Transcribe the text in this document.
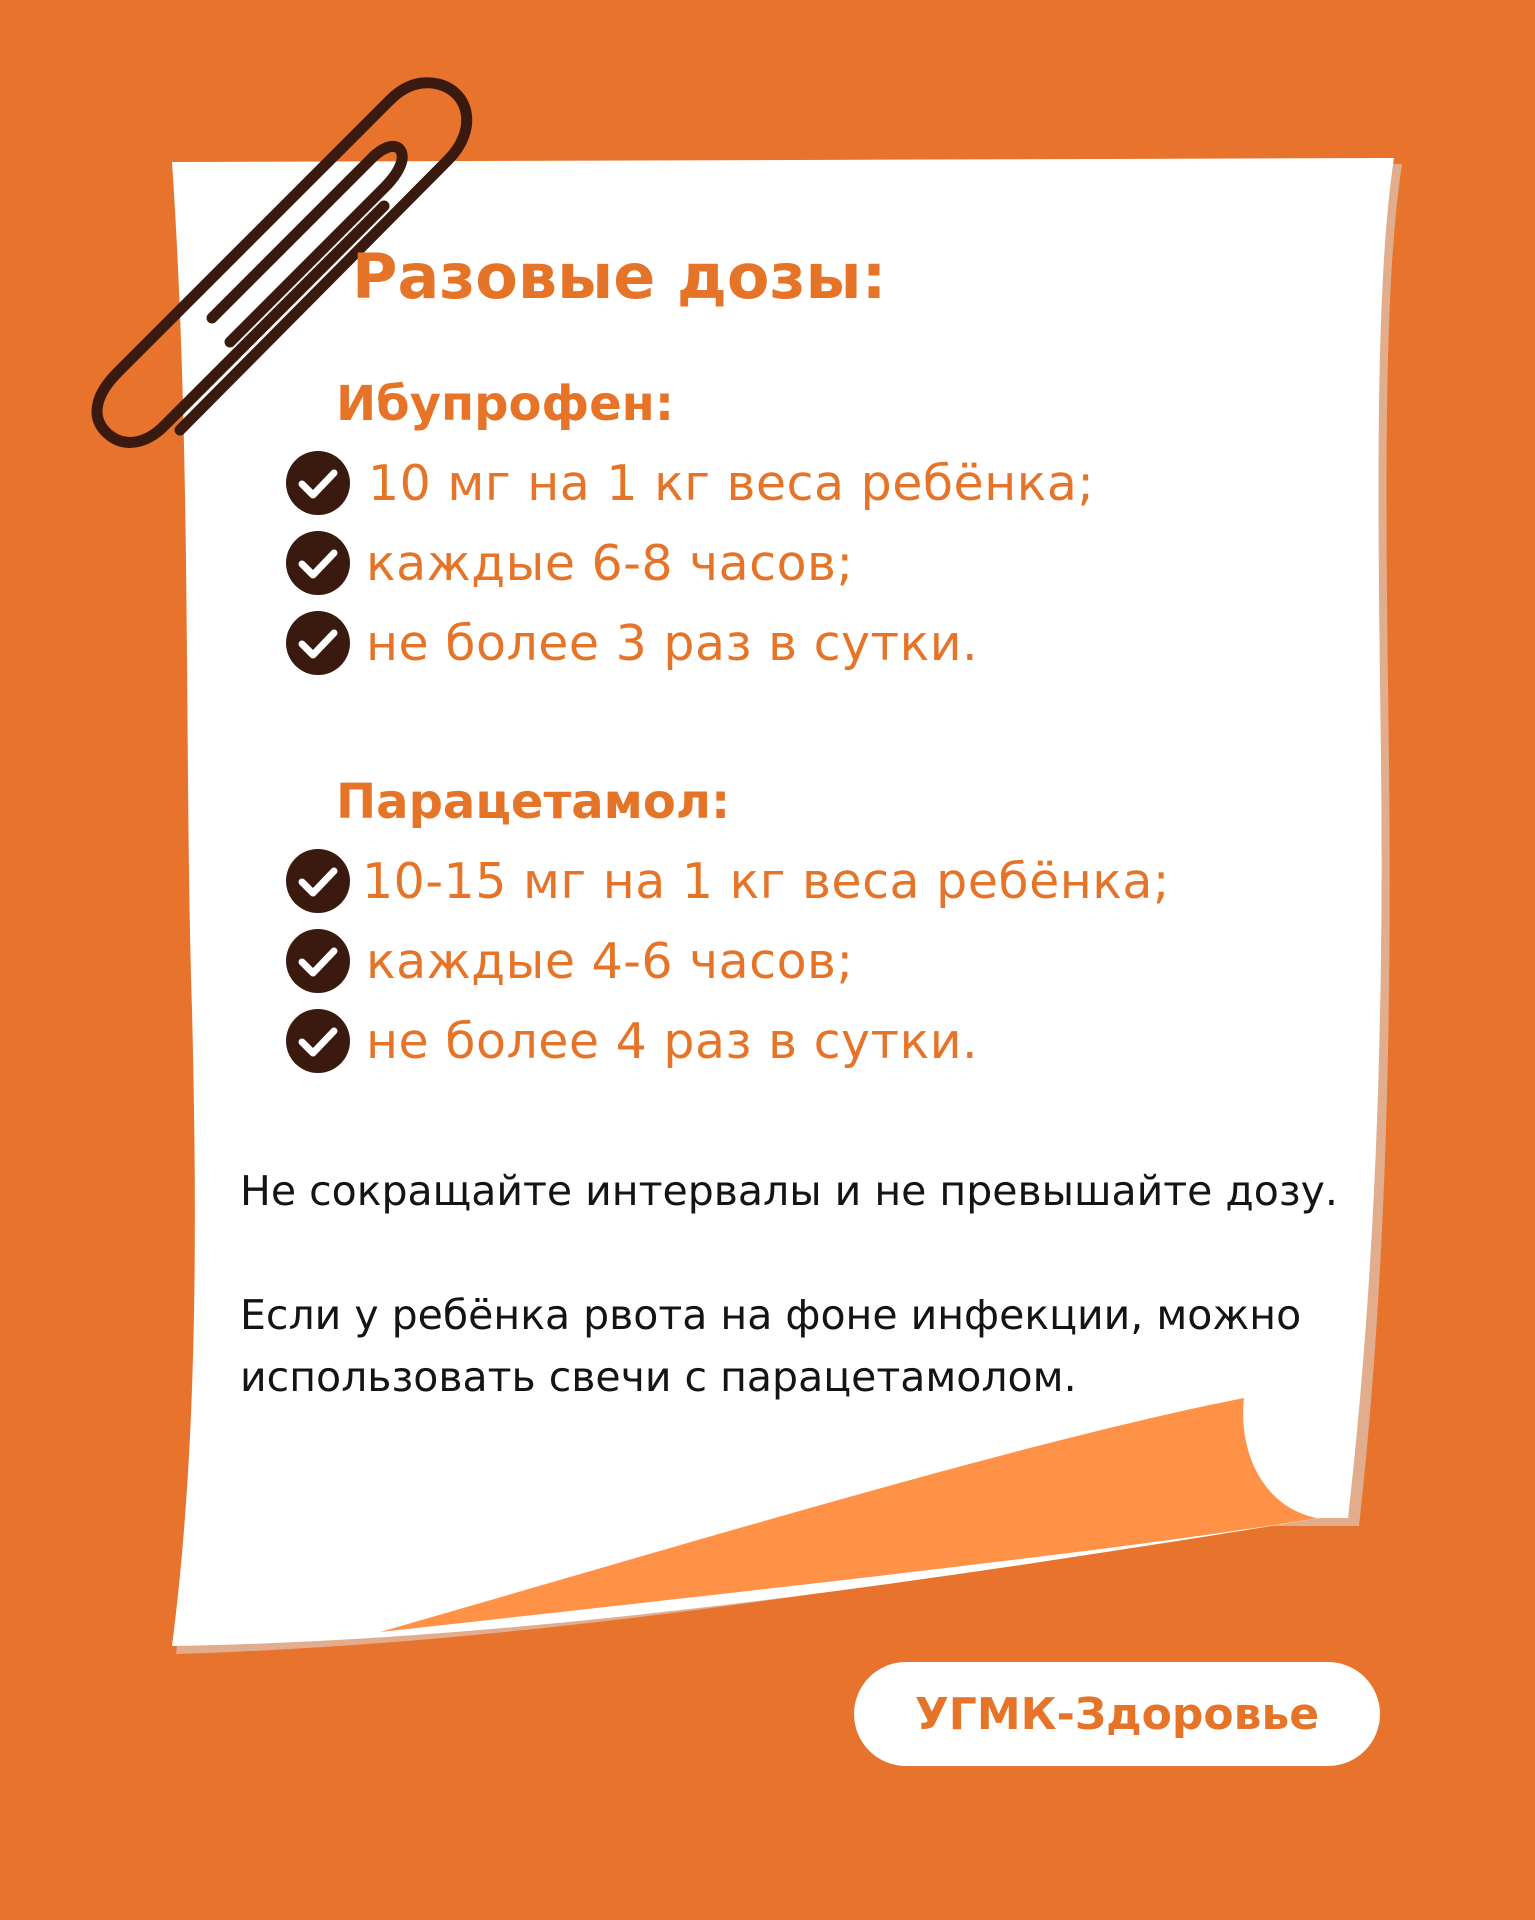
Разовые дозы:
Ибупрофен:
10 мг на 1 кг веса ребёнка;
каждые 6-8 часов;
не более 3 раз в сутки.
Парацетамол:
10-15 мг на 1 кг веса ребёнка;
каждые 4-6 часов;
не более 4 раз в сутки.

Не сокращайте интервалы и не превышайте дозу.

Если у ребёнка рвота на фоне инфекции, можно

использовать свечи с парацетамолом.

УГМК-Здоровье
